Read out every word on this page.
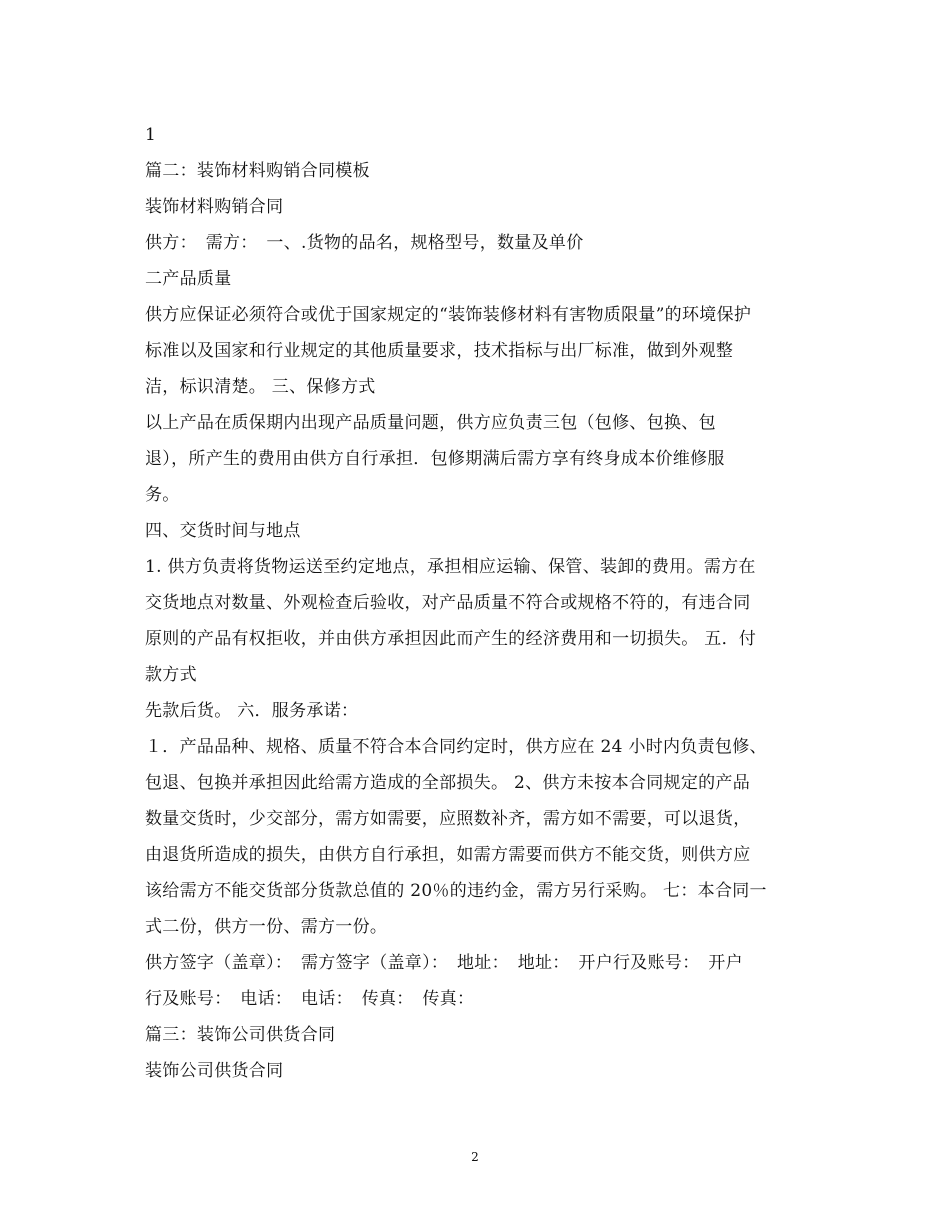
1
篇二：装饰材料购销合同模板
装饰材料购销合同
供方：　需方：　一、.货物的品名，规格型号，数量及单价
二产品质量
供方应保证必须符合或优于国家规定的“装饰装修材料有害物质限量”的环境保护
标准以及国家和行业规定的其他质量要求，技术指标与出厂标准，做到外观整
洁，标识清楚。 三、保修方式
以上产品在质保期内出现产品质量问题，供方应负责三包（包修、包换、包
退），所产生的费用由供方自行承担．包修期满后需方享有终身成本价维修服
务。
四、交货时间与地点
1. 供方负责将货物运送至约定地点，承担相应运输、保管、装卸的费用。需方在
交货地点对数量、外观检查后验收，对产品质量不符合或规格不符的，有违合同
原则的产品有权拒收，并由供方承担因此而产生的经济费用和一切损失。 五．付
款方式
先款后货。 六．服务承诺：
１．产品品种、规格、质量不符合本合同约定时，供方应在 24 小时内负责包修、
包退、包换并承担因此给需方造成的全部损失。 2、供方未按本合同规定的产品
数量交货时，少交部分，需方如需要，应照数补齐，需方如不需要，可以退货，
由退货所造成的损失，由供方自行承担，如需方需要而供方不能交货，则供方应
该给需方不能交货部分货款总值的 20％的违约金，需方另行采购。 七：本合同一
式二份，供方一份、需方一份。
供方签字（盖章）：　需方签字（盖章）：　地址：　地址：　开户行及账号：　开户
行及账号：　电话：　电话：　传真：　传真：
篇三：装饰公司供货合同
装饰公司供货合同
2
